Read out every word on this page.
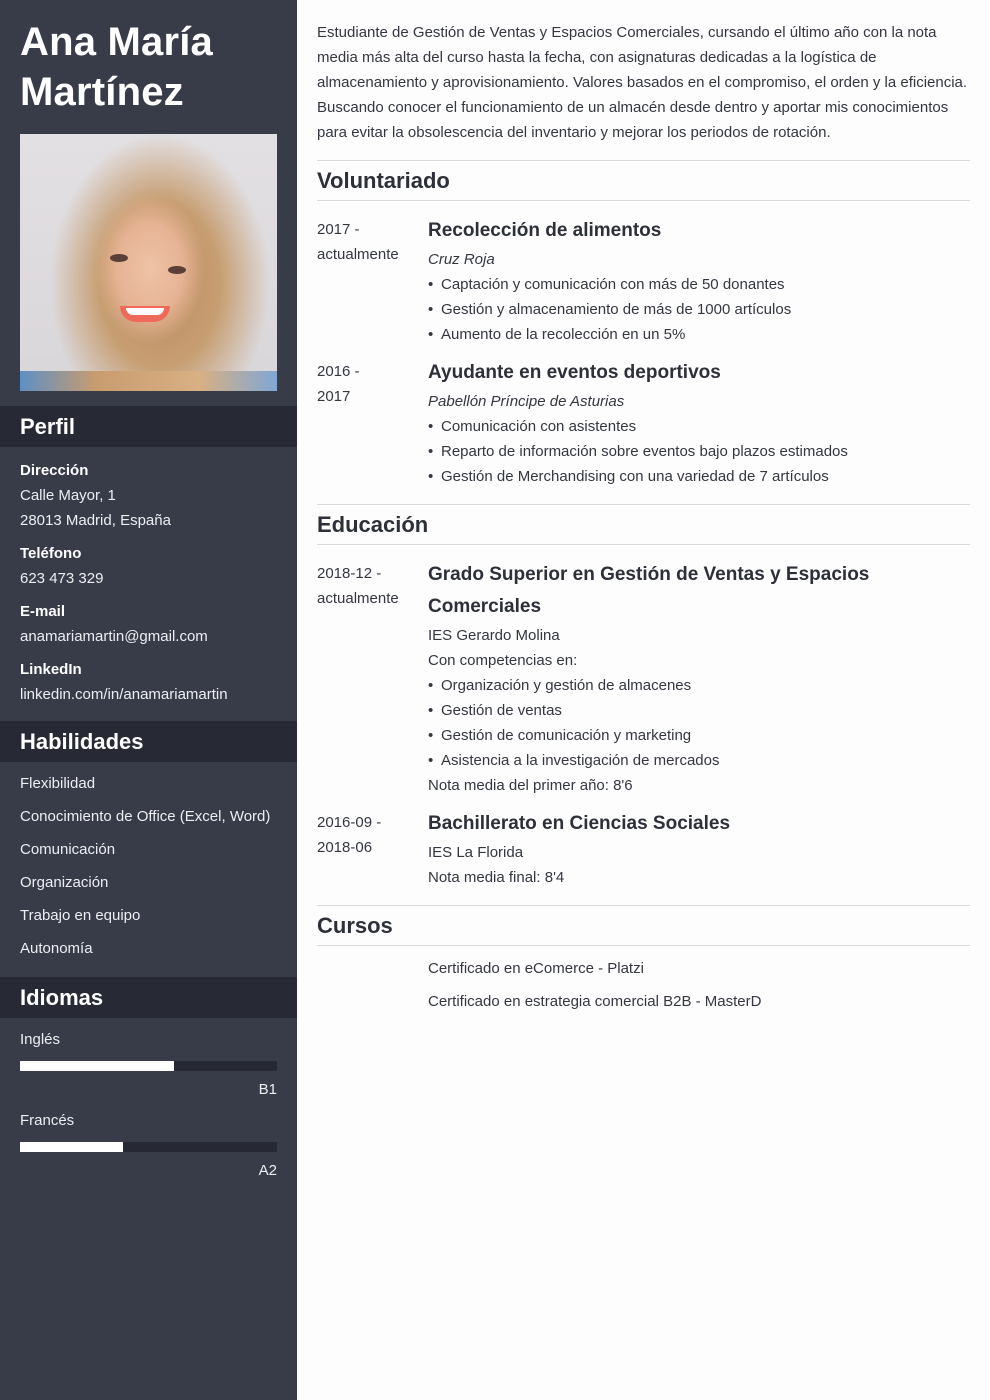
Ana María
Martínez
Perfil
Dirección
Calle Mayor, 1
28013 Madrid, España
Teléfono
623 473 329
E-mail
anamariamartin@gmail.com
LinkedIn
linkedin.com/in/anamariamartin
Habilidades
Flexibilidad
Conocimiento de Office (Excel, Word)
Comunicación
Organización
Trabajo en equipo
Autonomía
Idiomas
Inglés
B1
Francés
A2

Estudiante de Gestión de Ventas y Espacios Comerciales, cursando el último año con la nota media más alta del curso hasta la fecha, con asignaturas dedicadas a la logística de almacenamiento y aprovisionamiento. Valores basados en el compromiso, el orden y la eficiencia. Buscando conocer el funcionamiento de un almacén desde dentro y aportar mis conocimientos para evitar la obsolescencia del inventario y mejorar los periodos de rotación.

Voluntariado
2017 -
actualmente
Recolección de alimentos
Cruz Roja
• Captación y comunicación con más de 50 donantes
• Gestión y almacenamiento de más de 1000 artículos
• Aumento de la recolección en un 5%
2016 -
2017
Ayudante en eventos deportivos
Pabellón Príncipe de Asturias
• Comunicación con asistentes
• Reparto de información sobre eventos bajo plazos estimados
• Gestión de Merchandising con una variedad de 7 artículos
Educación
2018-12 -
actualmente
Grado Superior en Gestión de Ventas y Espacios Comerciales
IES Gerardo Molina
Con competencias en:
• Organización y gestión de almacenes
• Gestión de ventas
• Gestión de comunicación y marketing
• Asistencia a la investigación de mercados
Nota media del primer año: 8'6
2016-09 -
2018-06
Bachillerato en Ciencias Sociales
IES La Florida
Nota media final: 8'4
Cursos
Certificado en eComerce - Platzi
Certificado en estrategia comercial B2B - MasterD
